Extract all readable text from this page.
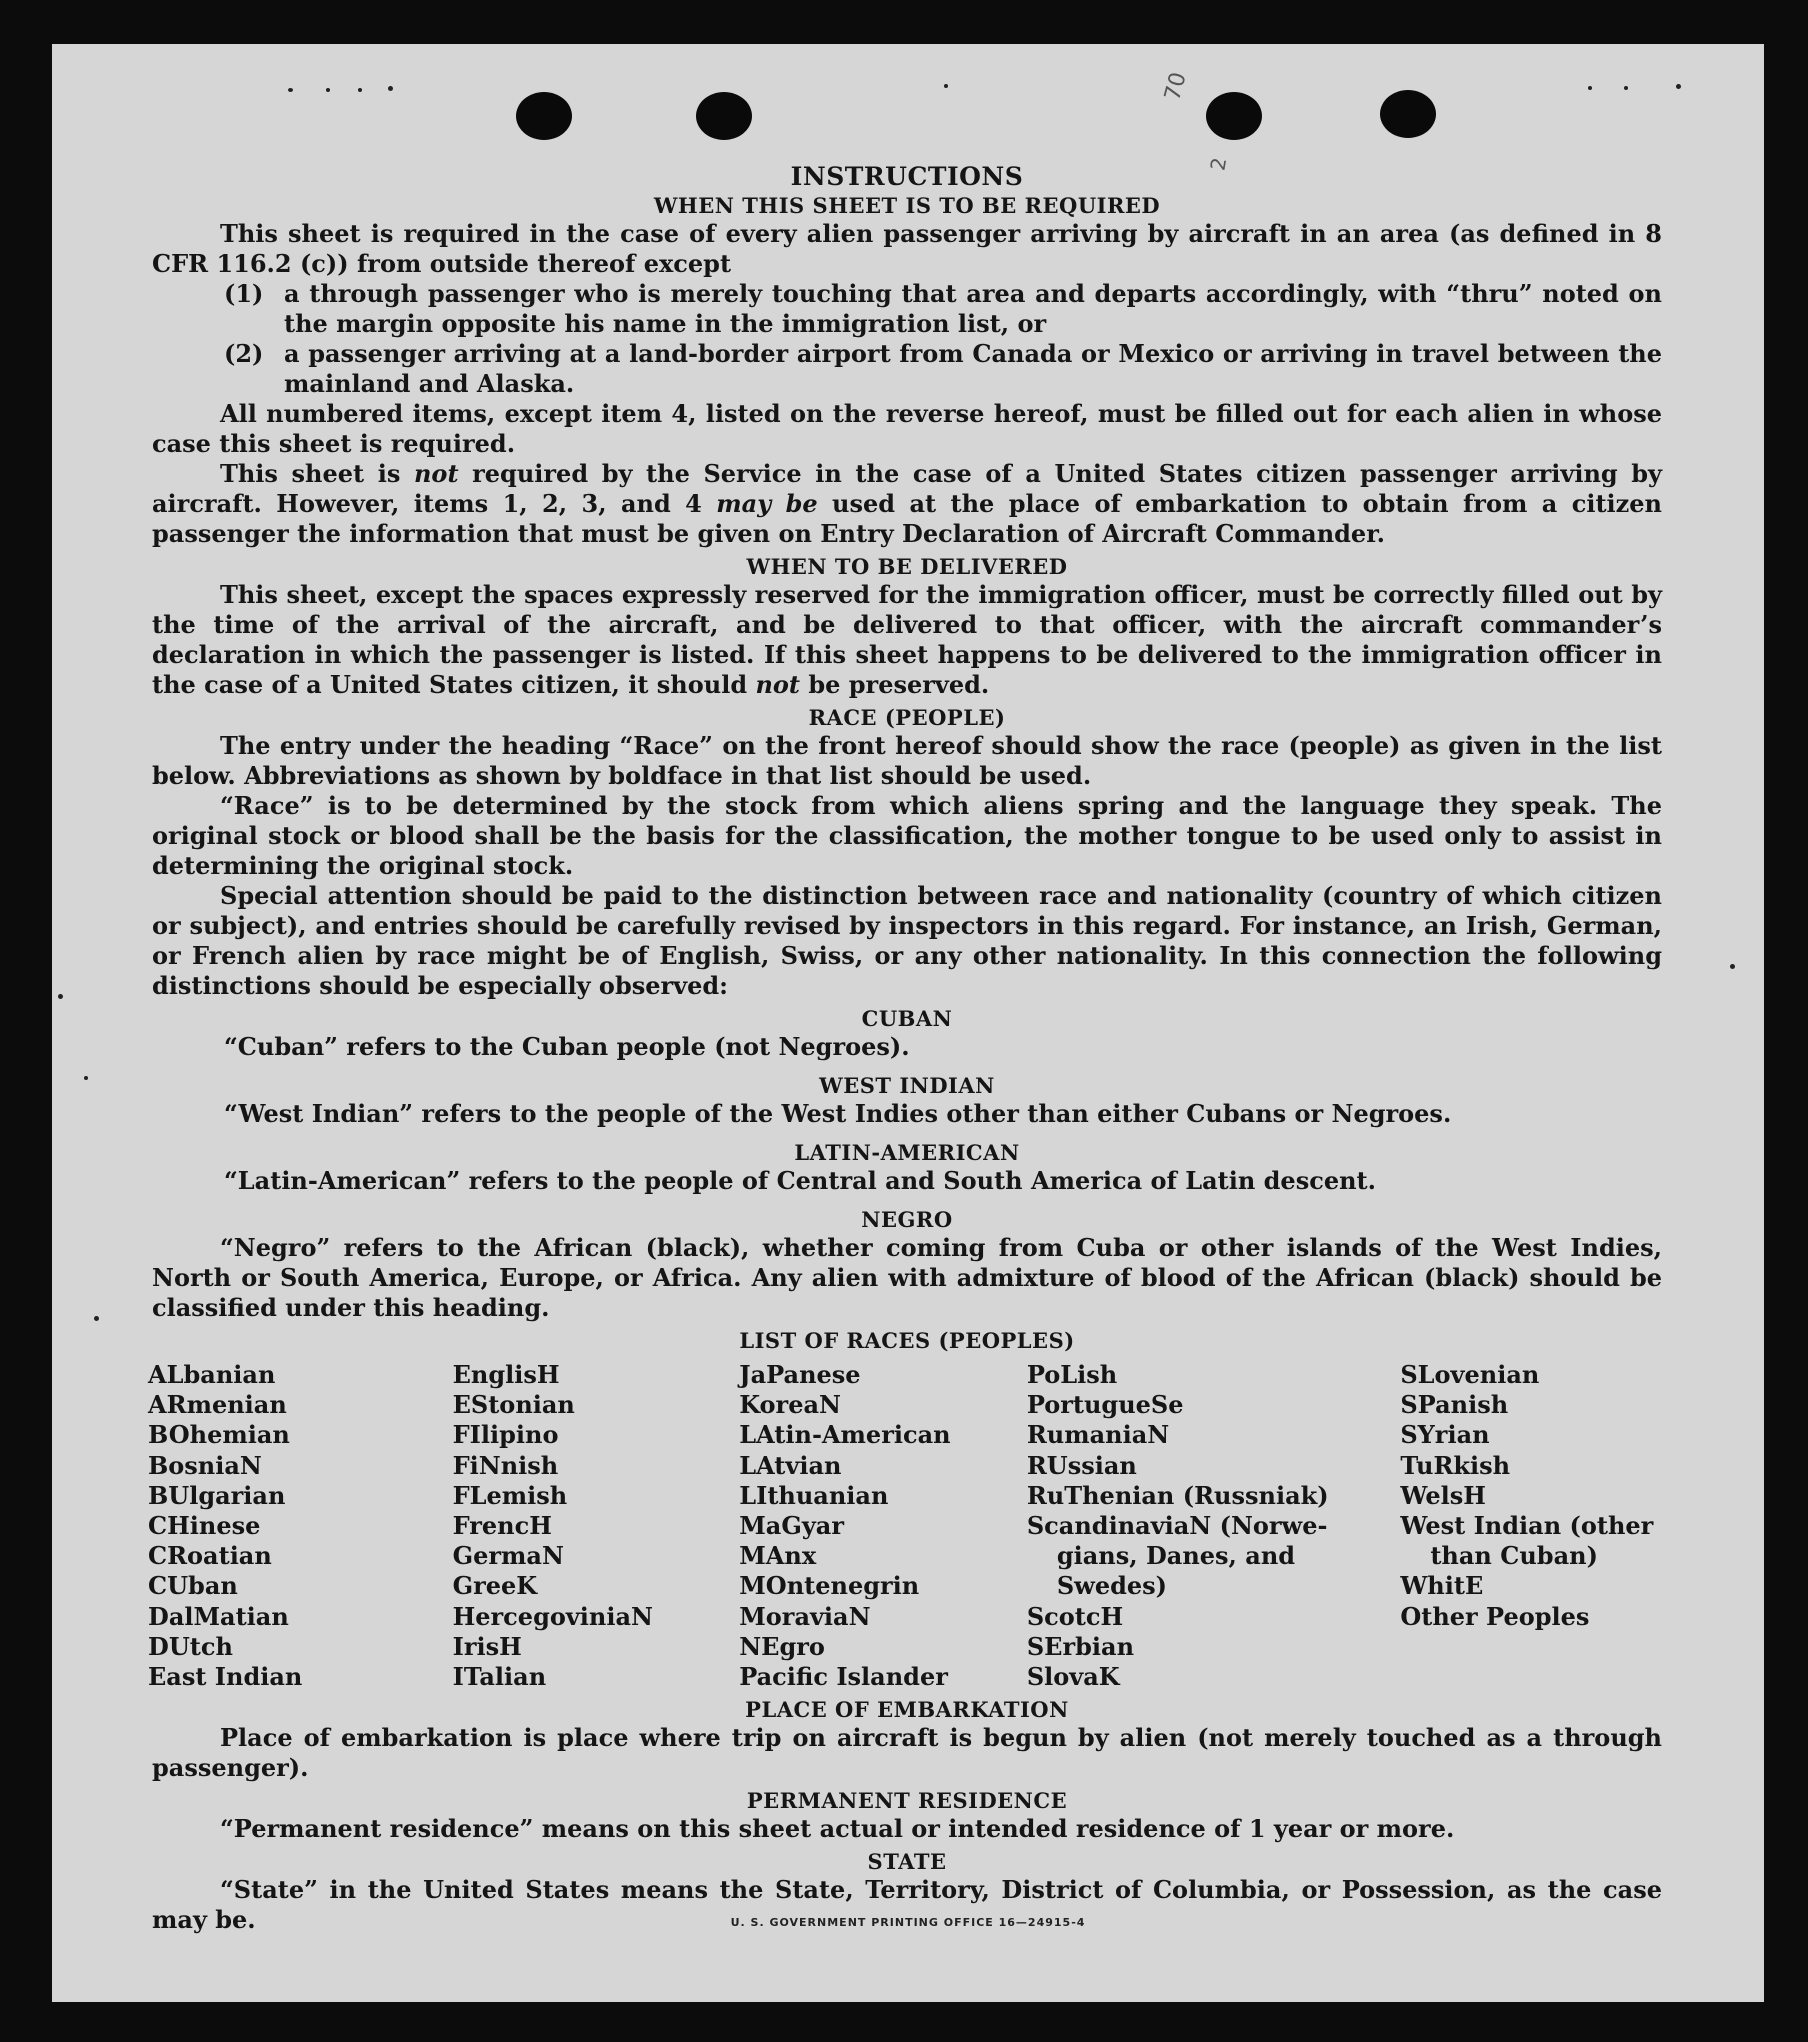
70
2
INSTRUCTIONS
WHEN THIS SHEET IS TO BE REQUIRED

This sheet is required in the case of every alien passenger arriving by aircraft in an area (as defined in 8 CFR 116.2 (c)) from outside thereof except

(1) a through passenger who is merely touching that area and departs accordingly, with “thru” noted on the margin opposite his name in the immigration list, or
(2) a passenger arriving at a land-border airport from Canada or Mexico or arriving in travel between the mainland and Alaska.

All numbered items, except item 4, listed on the reverse hereof, must be filled out for each alien in whose case this sheet is required.

This sheet is not required by the Service in the case of a United States citizen passenger arriving by aircraft. However, items 1, 2, 3, and 4 may be used at the place of embarkation to obtain from a citizen passenger the information that must be given on Entry Declaration of Aircraft Commander.

WHEN TO BE DELIVERED

This sheet, except the spaces expressly reserved for the immigration officer, must be correctly filled out by the time of the arrival of the aircraft, and be delivered to that officer, with the aircraft commander’s declaration in which the passenger is listed. If this sheet happens to be delivered to the immigration officer in the case of a United States citizen, it should not be preserved.

RACE (PEOPLE)

The entry under the heading “Race” on the front hereof should show the race (people) as given in the list below. Abbreviations as shown by boldface in that list should be used.

“Race” is to be determined by the stock from which aliens spring and the language they speak. The original stock or blood shall be the basis for the classification, the mother tongue to be used only to assist in determining the original stock.

Special attention should be paid to the distinction between race and nationality (country of which citizen or subject), and entries should be carefully revised by inspectors in this regard. For instance, an Irish, German, or French alien by race might be of English, Swiss, or any other nationality. In this connection the following distinctions should be especially observed:

CUBAN

“Cuban” refers to the Cuban people (not Negroes).

WEST INDIAN

“West Indian” refers to the people of the West Indies other than either Cubans or Negroes.

LATIN-AMERICAN

“Latin-American” refers to the people of Central and South America of Latin descent.

NEGRO

“Negro” refers to the African (black), whether coming from Cuba or other islands of the West Indies, North or South America, Europe, or Africa. Any alien with admixture of blood of the African (black) should be classified under this heading.

LIST OF RACES (PEOPLES)
ALbanian
ARmenian
BOhemian
BosniaN
BUlgarian
CHinese
CRoatian
CUban
DalMatian
DUtch
East Indian
EnglisH
EStonian
FIlipino
FiNnish
FLemish
FrencH
GermaN
GreeK
HercegoviniaN
IrisH
ITalian
JaPanese
KoreaN
LAtin-American
LAtvian
LIthuanian
MaGyar
MAnx
MOntenegrin
MoraviaN
NEgro
Pacific Islander
PoLish
PortugueSe
RumaniaN
RUssian
RuThenian (Russniak)
ScandinaviaN (Norwe-
gians, Danes, and
Swedes)
ScotcH
SErbian
SlovaK
SLovenian
SPanish
SYrian
TuRkish
WelsH
West Indian (other
than Cuban)
WhitE
Other Peoples
PLACE OF EMBARKATION

Place of embarkation is place where trip on aircraft is begun by alien (not merely touched as a through passenger).

PERMANENT RESIDENCE

“Permanent residence” means on this sheet actual or intended residence of 1 year or more.

STATE

“State” in the United States means the State, Territory, District of Columbia, or Possession, as the case may be.	U. S. GOVERNMENT PRINTING OFFICE 16—24915-4
